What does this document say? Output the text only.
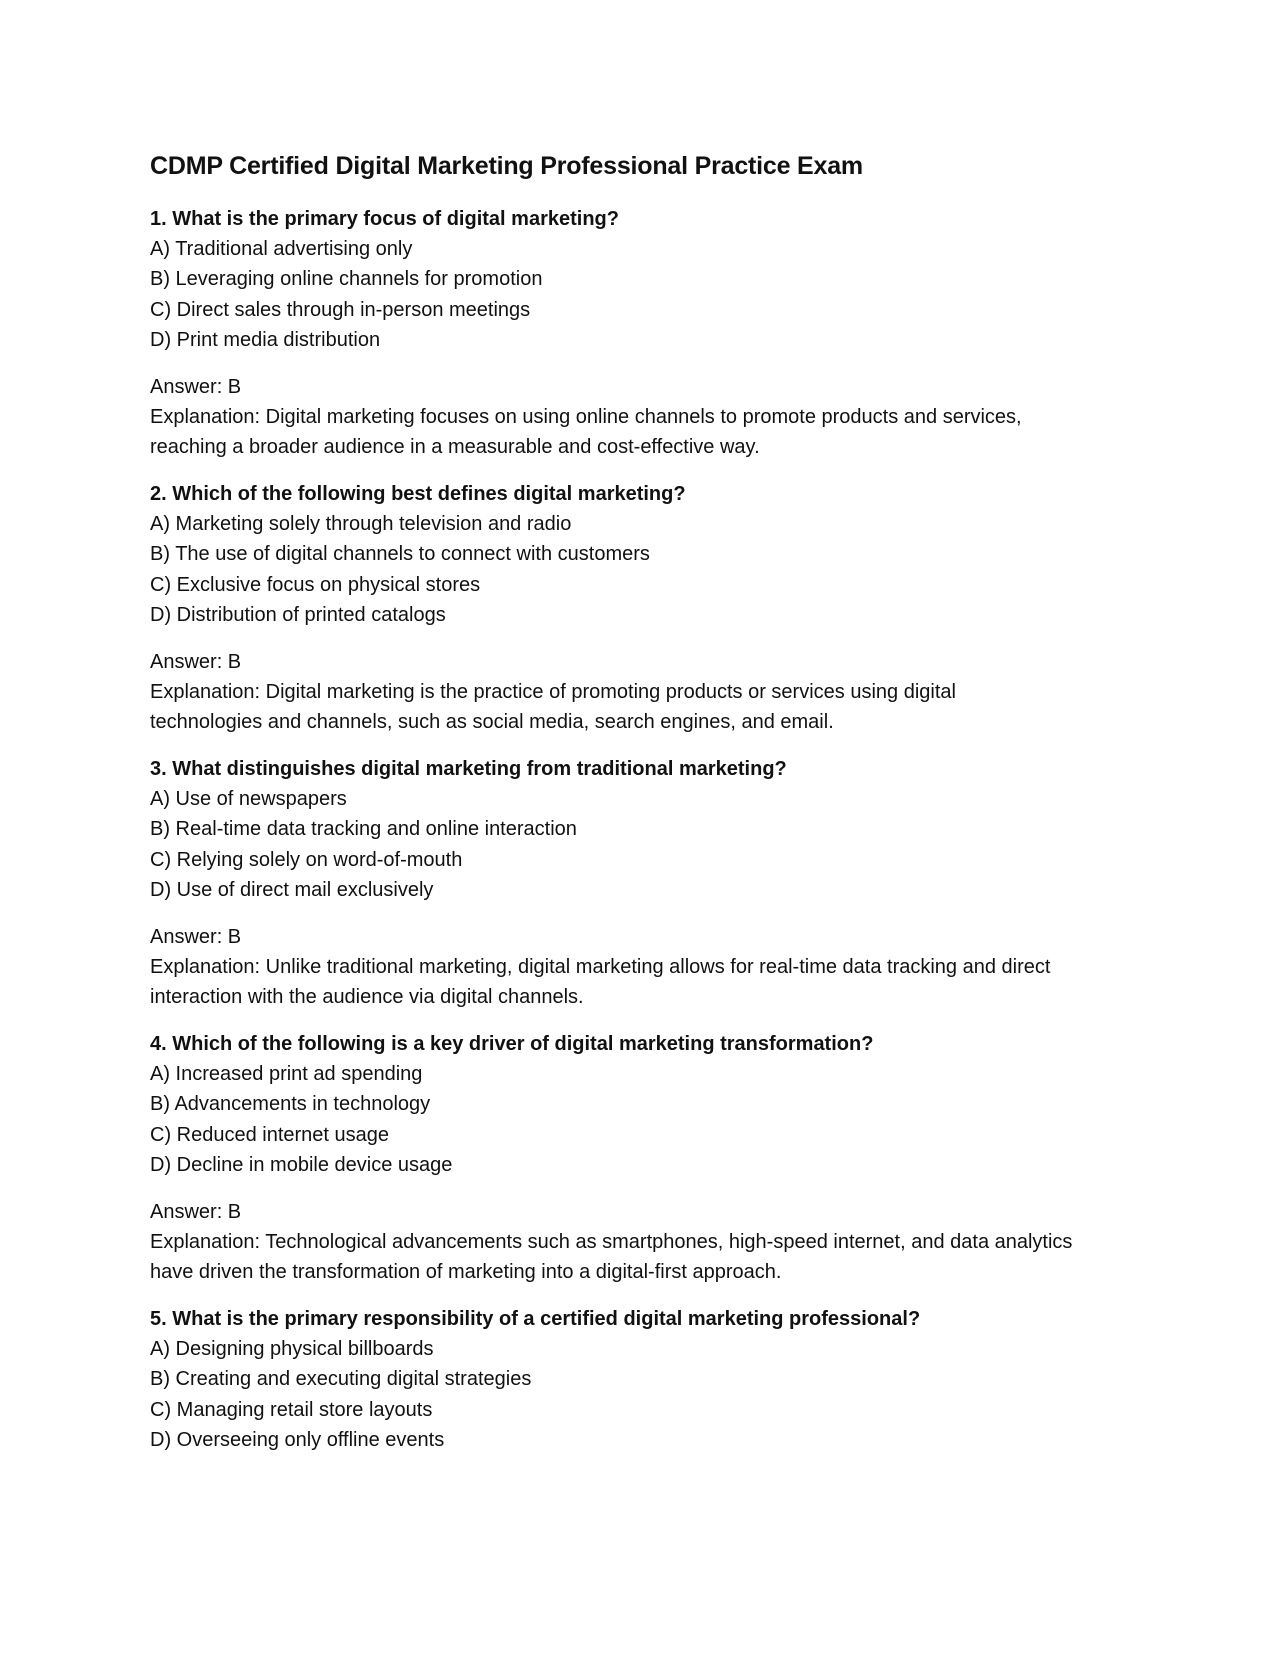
CDMP Certified Digital Marketing Professional Practice Exam

1. What is the primary focus of digital marketing?

A) Traditional advertising only

B) Leveraging online channels for promotion

C) Direct sales through in-person meetings

D) Print media distribution

Answer: B

Explanation: Digital marketing focuses on using online channels to promote products and services,

reaching a broader audience in a measurable and cost-effective way.

2. Which of the following best defines digital marketing?

A) Marketing solely through television and radio

B) The use of digital channels to connect with customers

C) Exclusive focus on physical stores

D) Distribution of printed catalogs

Answer: B

Explanation: Digital marketing is the practice of promoting products or services using digital

technologies and channels, such as social media, search engines, and email.

3. What distinguishes digital marketing from traditional marketing?

A) Use of newspapers

B) Real-time data tracking and online interaction

C) Relying solely on word-of-mouth

D) Use of direct mail exclusively

Answer: B

Explanation: Unlike traditional marketing, digital marketing allows for real-time data tracking and direct

interaction with the audience via digital channels.

4. Which of the following is a key driver of digital marketing transformation?

A) Increased print ad spending

B) Advancements in technology

C) Reduced internet usage

D) Decline in mobile device usage

Answer: B

Explanation: Technological advancements such as smartphones, high-speed internet, and data analytics

have driven the transformation of marketing into a digital-first approach.

5. What is the primary responsibility of a certified digital marketing professional?

A) Designing physical billboards

B) Creating and executing digital strategies

C) Managing retail store layouts

D) Overseeing only offline events
